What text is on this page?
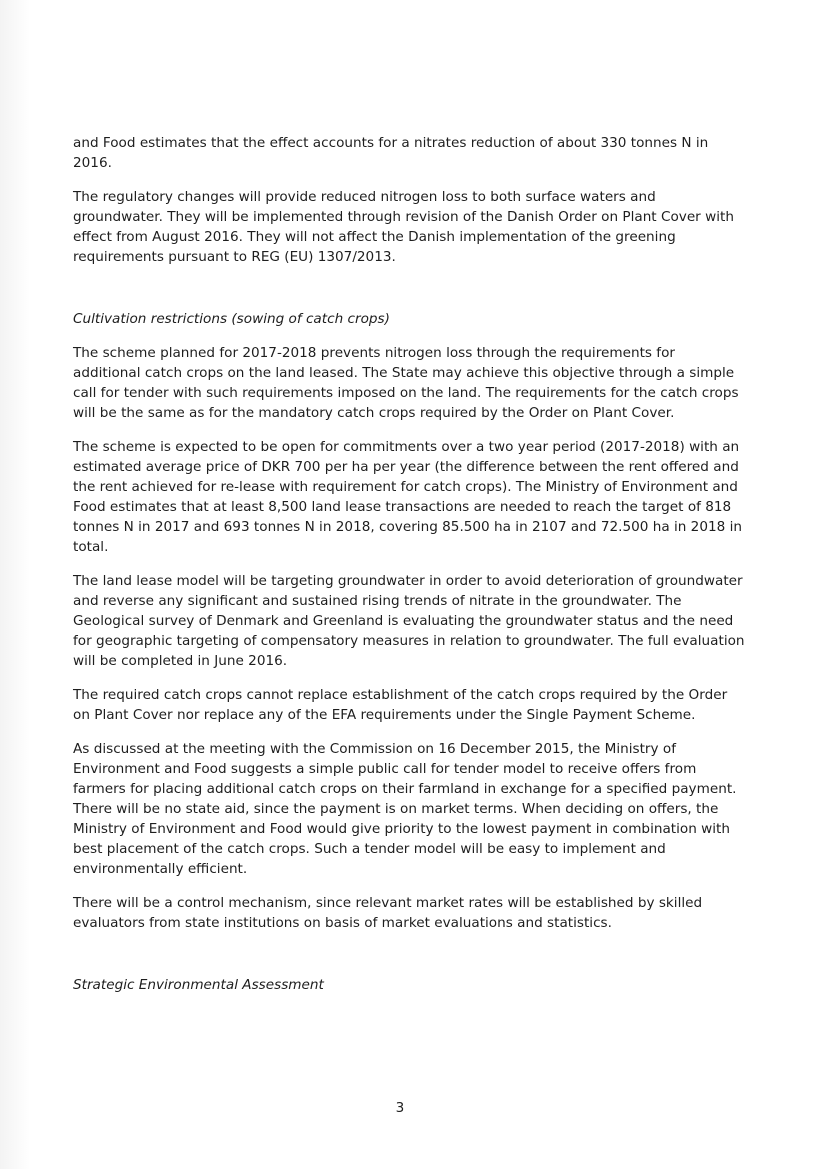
and Food estimates that the effect accounts for a nitrates reduction of about 330 tonnes N in 2016.

The regulatory changes will provide reduced nitrogen loss to both surface waters and groundwater. They will be implemented through revision of the Danish Order on Plant Cover with effect from August 2016. They will not affect the Danish implementation of the greening requirements pursuant to REG (EU) 1307/2013.

Cultivation restrictions (sowing of catch crops)

The scheme planned for 2017-2018 prevents nitrogen loss through the requirements for additional catch crops on the land leased. The State may achieve this objective through a simple call for tender with such requirements imposed on the land. The requirements for the catch crops will be the same as for the mandatory catch crops required by the Order on Plant Cover.

The scheme is expected to be open for commitments over a two year period (2017-2018) with an estimated average price of DKR 700 per ha per year (the difference between the rent offered and the rent achieved for re-lease with requirement for catch crops). The Ministry of Environment and Food estimates that at least 8,500 land lease transactions are needed to reach the target of 818 tonnes N in 2017 and 693 tonnes N in 2018, covering 85.500 ha in 2107 and 72.500 ha in 2018 in total.

The land lease model will be targeting groundwater in order to avoid deterioration of groundwater and reverse any significant and sustained rising trends of nitrate in the groundwater. The Geological survey of Denmark and Greenland is evaluating the groundwater status and the need for geographic targeting of compensatory measures in relation to groundwater. The full evaluation will be completed in June 2016.

The required catch crops cannot replace establishment of the catch crops required by the Order on Plant Cover nor replace any of the EFA requirements under the Single Payment Scheme.

As discussed at the meeting with the Commission on 16 December 2015, the Ministry of Environment and Food suggests a simple public call for tender model to receive offers from farmers for placing additional catch crops on their farmland in exchange for a specified payment. There will be no state aid, since the payment is on market terms. When deciding on offers, the Ministry of Environment and Food would give priority to the lowest payment in combination with best placement of the catch crops. Such a tender model will be easy to implement and environmentally efficient.

There will be a control mechanism, since relevant market rates will be established by skilled evaluators from state institutions on basis of market evaluations and statistics.

Strategic Environmental Assessment

3
